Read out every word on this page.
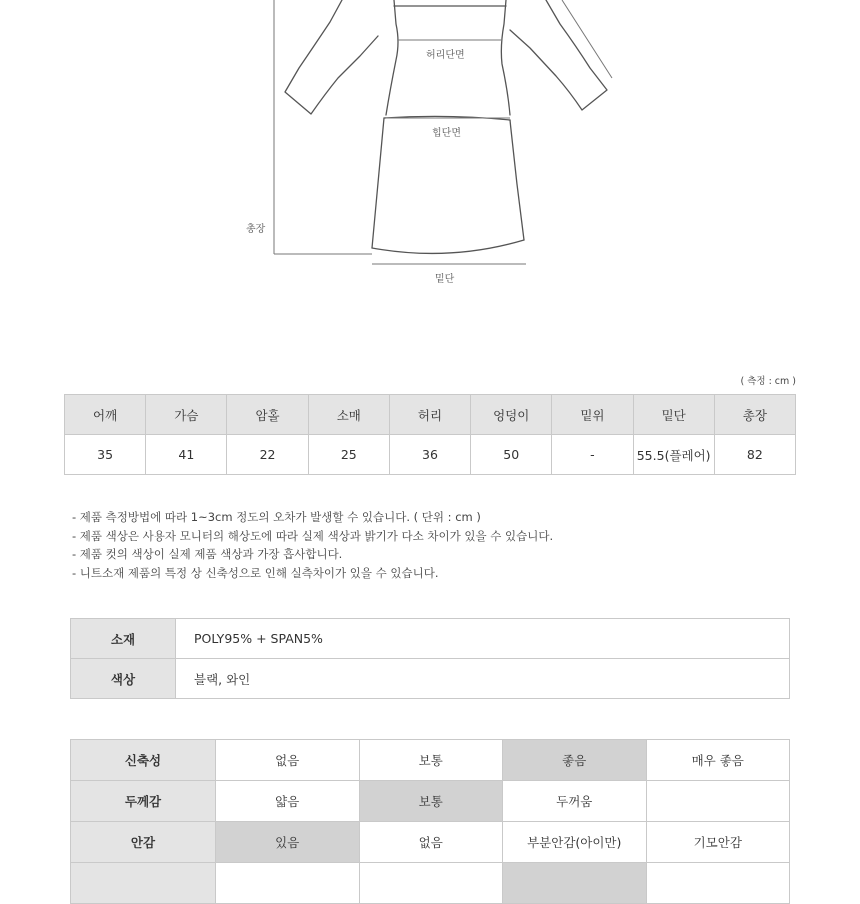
허리단면
힙단면
총장
밑단
( 측정 : cm )
어깨	가슴	암홀	소매	허리	엉덩이	밑위	밑단	총장
35	41	22	25	36	50	-	55.5(플레어)	82
- 제품 측정방법에 따라 1~3cm 정도의 오차가 발생할 수 있습니다. ( 단위 : cm )
- 제품 색상은 사용자 모니터의 해상도에 따라 실제 색상과 밝기가 다소 차이가 있을 수 있습니다.
- 제품 컷의 색상이 실제 제품 색상과 가장 흡사합니다.
- 니트소재 제품의 특정 상 신축성으로 인해 실측차이가 있을 수 있습니다.
소재	POLY95% + SPAN5%
색상	블랙, 와인
신축성	없음	보통	좋음	매우 좋음
두께감	얇음	보통	두꺼움	
안감	있음	없음	부분안감(아이만)	기모안감
